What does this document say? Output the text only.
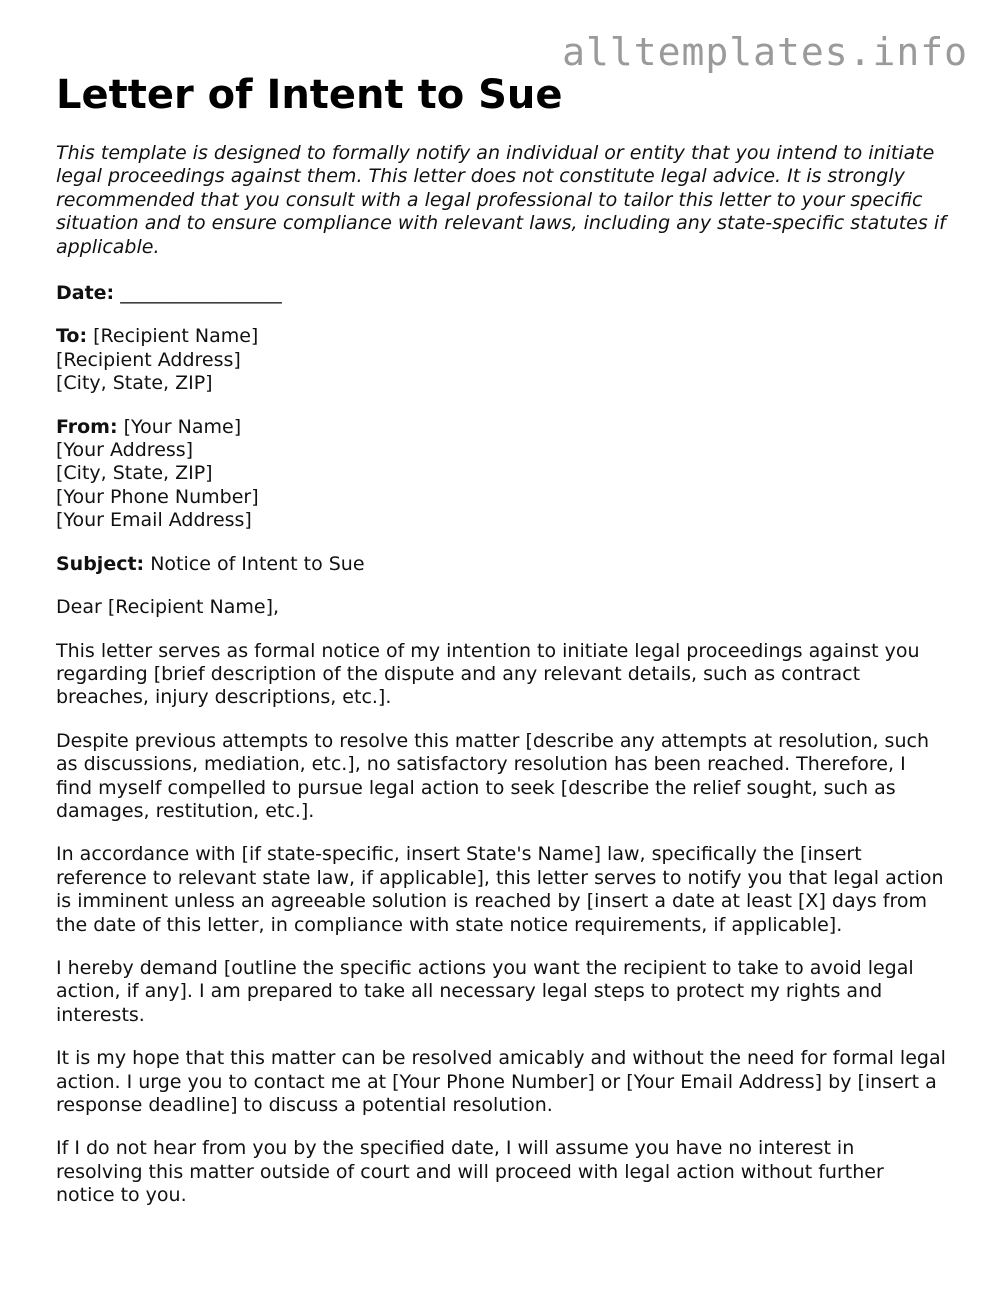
alltemplates.info
Letter of Intent to Sue

This template is designed to formally notify an individual or entity that you intend to initiate legal proceedings against them. This letter does not constitute legal advice. It is strongly recommended that you consult with a legal professional to tailor this letter to your specific situation and to ensure compliance with relevant laws, including any state-specific statutes if applicable.

Date: _________________

To: [Recipient Name]

[Recipient Address]

[City, State, ZIP]

From: [Your Name]

[Your Address]

[City, State, ZIP]

[Your Phone Number]

[Your Email Address]

Subject: Notice of Intent to Sue

Dear [Recipient Name],

This letter serves as formal notice of my intention to initiate legal proceedings against you regarding [brief description of the dispute and any relevant details, such as contract breaches, injury descriptions, etc.].

Despite previous attempts to resolve this matter [describe any attempts at resolution, such as discussions, mediation, etc.], no satisfactory resolution has been reached. Therefore, I find myself compelled to pursue legal action to seek [describe the relief sought, such as damages, restitution, etc.].

In accordance with [if state-specific, insert State's Name] law, specifically the [insert reference to relevant state law, if applicable], this letter serves to notify you that legal action is imminent unless an agreeable solution is reached by [insert a date at least [X] days from the date of this letter, in compliance with state notice requirements, if applicable].

I hereby demand [outline the specific actions you want the recipient to take to avoid legal action, if any]. I am prepared to take all necessary legal steps to protect my rights and interests.

It is my hope that this matter can be resolved amicably and without the need for formal legal action. I urge you to contact me at [Your Phone Number] or [Your Email Address] by [insert a response deadline] to discuss a potential resolution.

If I do not hear from you by the specified date, I will assume you have no interest in resolving this matter outside of court and will proceed with legal action without further notice to you.
